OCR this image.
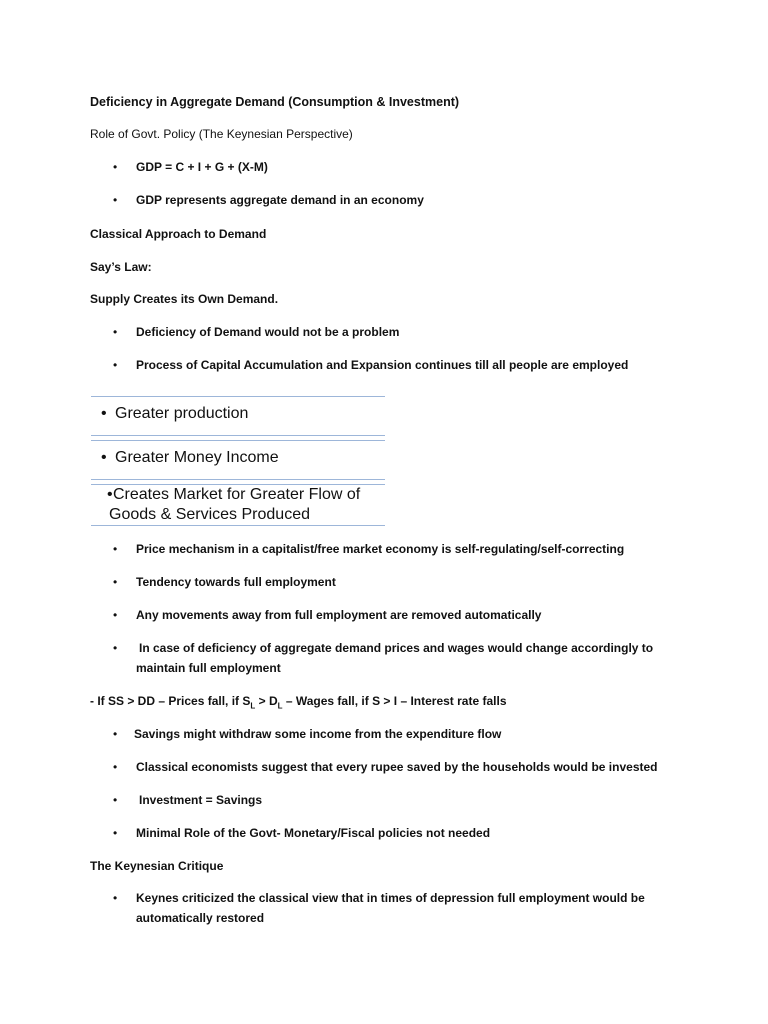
Deficiency in Aggregate Demand (Consumption & Investment)
Role of Govt. Policy (The Keynesian Perspective)
• GDP = C + I + G + (X-M)
• GDP represents aggregate demand in an economy
Classical Approach to Demand
Say’s Law:
Supply Creates its Own Demand.
• Deficiency of Demand would not be a problem
• Process of Capital Accumulation and Expansion continues till all people are employed
• Greater production
• Greater Money Income
•Creates Market for Greater Flow of
Goods & Services Produced
• Price mechanism in a capitalist/free market economy is self-regulating/self-correcting
• Tendency towards full employment
• Any movements away from full employment are removed automatically
• In case of deficiency of aggregate demand prices and wages would change accordingly to
maintain full employment
- If SS > DD – Prices fall, if $S_L > D_L$ – Wages fall, if S > I – Interest rate falls
• Savings might withdraw some income from the expenditure flow
• Classical economists suggest that every rupee saved by the households would be invested
• Investment = Savings
• Minimal Role of the Govt- Monetary/Fiscal policies not needed
The Keynesian Critique
• Keynes criticized the classical view that in times of depression full employment would be
automatically restored
